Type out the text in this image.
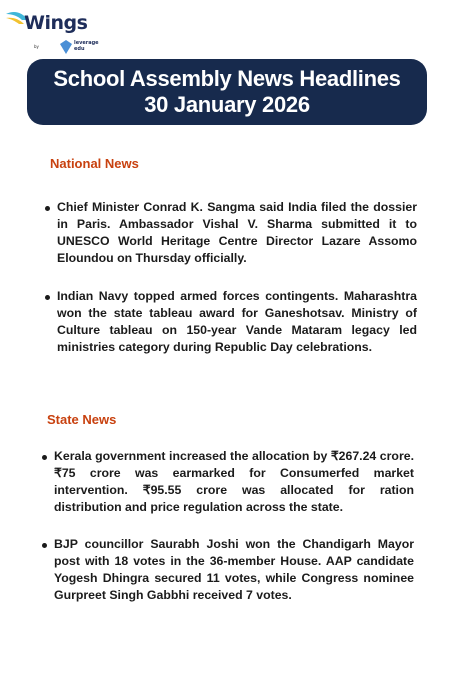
Wings
by
leverage
edu
School Assembly News Headlines
30 January 2026
National News
Chief Minister Conrad K. Sangma said India filed the dossier in Paris. Ambassador Vishal V. Sharma submitted it to UNESCO World Heritage Centre Director Lazare Assomo Eloundou on Thursday officially.
Indian Navy topped armed forces contingents. Maharashtra won the state tableau award for Ganeshotsav. Ministry of Culture tableau on 150-year Vande Mataram legacy led ministries category during Republic Day celebrations.
State News
Kerala government increased the allocation by ₹267.24 crore. ₹75 crore was earmarked for Consumerfed market intervention. ₹95.55 crore was allocated for ration distribution and price regulation across the state.
BJP councillor Saurabh Joshi won the Chandigarh Mayor post with 18 votes in the 36-member House. AAP candidate Yogesh Dhingra secured 11 votes, while Congress nominee Gurpreet Singh Gabbhi received 7 votes.
